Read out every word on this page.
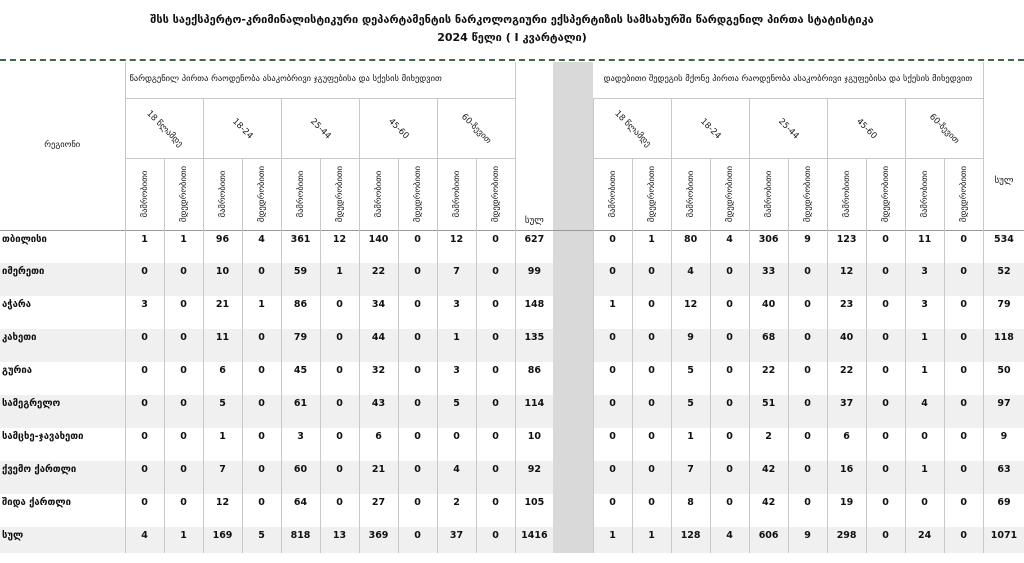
შსს საექსპერტო-კრიმინალისტიკური დეპარტამენტის ნარკოლოგიური ექსპერტიზის სამსახურში წარდგენილ პირთა სტატისტიკა
2024 წელი ( I კვარტალი)
რეგიონი	წარდგენილ პირთა რაოდენობა ასაკობრივი ჯგუფებისა და სქესის მიხედვით										სულ		დადებითი შედეგის მქონე პირთა რაოდენობა ასაკობრივი ჯგუფებისა და სქესის მიხედვით										სულ
	18 წლამდე		18-24		25-44		45-60		60-ზევით				18 წლამდე		18-24		25-44		45-60		60-ზევით		

	მამრობითი	მდედრობითი	მამრობითი	მდედრობითი	მამრობითი	მდედრობითი	მამრობითი	მდედრობითი	მამრობითი	მდედრობითი			მამრობითი	მდედრობითი	მამრობითი	მდედრობითი	მამრობითი	მდედრობითი	მამრობითი	მდედრობითი	მამრობითი	მდედრობითი	

თბილისი	1	1	96	4	361	12	140	0	12	0	627		0	1	80	4	306	9	123	0	11	0	534
იმერეთი	0	0	10	0	59	1	22	0	7	0	99		0	0	4	0	33	0	12	0	3	0	52
აჭარა	3	0	21	1	86	0	34	0	3	0	148		1	0	12	0	40	0	23	0	3	0	79
კახეთი	0	0	11	0	79	0	44	0	1	0	135		0	0	9	0	68	0	40	0	1	0	118
გურია	0	0	6	0	45	0	32	0	3	0	86		0	0	5	0	22	0	22	0	1	0	50
სამეგრელო	0	0	5	0	61	0	43	0	5	0	114		0	0	5	0	51	0	37	0	4	0	97
სამცხე-ჯავახეთი	0	0	1	0	3	0	6	0	0	0	10		0	0	1	0	2	0	6	0	0	0	9
ქვემო ქართლი	0	0	7	0	60	0	21	0	4	0	92		0	0	7	0	42	0	16	0	1	0	63
შიდა ქართლი	0	0	12	0	64	0	27	0	2	0	105		0	0	8	0	42	0	19	0	0	0	69
სულ	4	1	169	5	818	13	369	0	37	0	1416		1	1	128	4	606	9	298	0	24	0	1071
